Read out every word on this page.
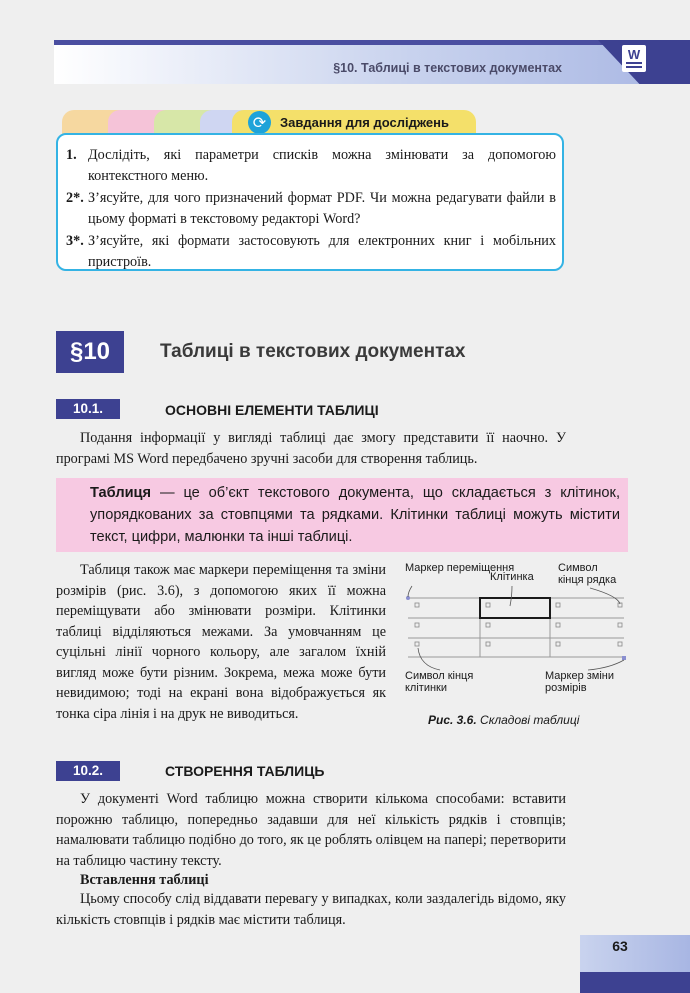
§10. Таблиці в текстових документах
W
⟳	Завдання для досліджень
1. Дослідіть, які параметри списків можна змінювати за допомогою контекстного меню.
2*. З’ясуйте, для чого призначений формат PDF. Чи можна редагувати файли в цьому форматі в текстовому редакторі Word?
3*. З’ясуйте, які формати застосовують для електронних книг і мобільних пристроїв.
§10	Таблиці в текстових документах
10.1.	ОСНОВНІ ЕЛЕМЕНТИ ТАБЛИЦІ
Подання інформації у вигляді таблиці дає змогу представити її наочно. У програмі MS Word передбачено зручні засоби для створення таблиць.
Таблиця — це об’єкт текстового документа, що складається з клітинок, упорядкованих за стовпцями та рядками. Клітинки таблиці можуть містити текст, цифри, малюнки та інші таблиці.
Таблиця також має маркери переміщення та зміни розмірів (рис. 3.6), з допомогою яких її можна переміщувати або змінювати розміри. Клітинки таблиці відділяються межами. За умовчанням це суцільні лінії чорного кольору, але загалом їхній вигляд може бути різним. Зокрема, межа може бути невидимою; тоді на екрані вона відображується як тонка сіра лінія і на друк не виводиться.
Маркер переміщення
Клітинка
Символ кінця рядка
Символ кінця клітинки
Маркер зміни розмірів
Рис. 3.6. Складові таблиці
10.2.	СТВОРЕННЯ ТАБЛИЦЬ
У документі Word таблицю можна створити кількома способами: вставити порожню таблицю, попередньо задавши для неї кількість рядків і стовпців; намалювати таблицю подібно до того, як це роблять олівцем на папері; перетворити на таблицю частину тексту.
Вставлення таблиці
Цьому способу слід віддавати перевагу у випадках, коли заздалегідь відомо, яку кількість стовпців і рядків має містити таблиця.
63
